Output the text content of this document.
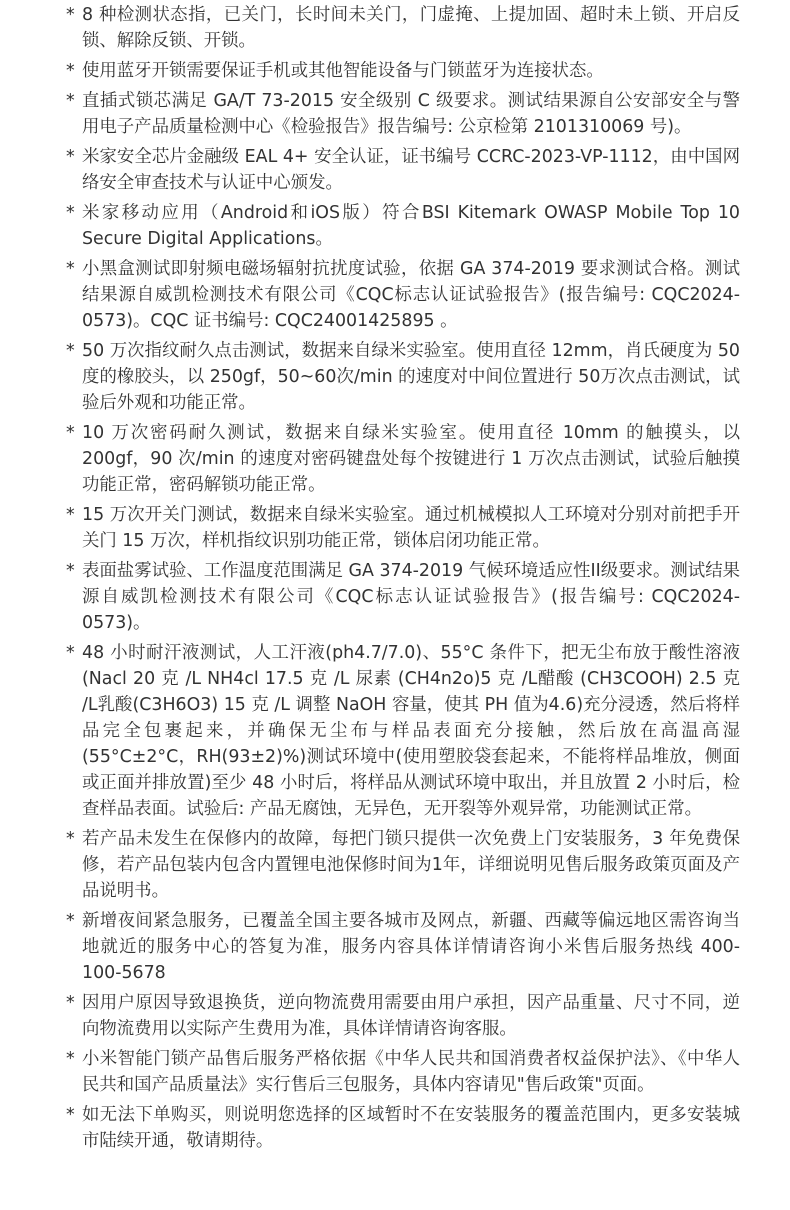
* 8 种检测状态指，已关门，长时间未关门，门虚掩、上提加固、超时未上锁、开启反锁、解除反锁、开锁。
* 使用蓝牙开锁需要保证手机或其他智能设备与门锁蓝牙为连接状态。
* 直插式锁芯满足 GA/T 73-2015 安全级别 C 级要求。测试结果源自公安部安全与警用电子产品质量检测中心《检验报告》报告编号: 公京检第 2101310069 号)。
* 米家安全芯片金融级 EAL 4+ 安全认证，证书编号 CCRC-2023-VP-1112，由中国网络安全审查技术与认证中心颁发。
* 米家移动应用（Android和iOS版）符合BSI Kitemark OWASP Mobile Top 10 Secure Digital Applications。
* 小黑盒测试即射频电磁场辐射抗扰度试验，依据 GA 374-2019 要求测试合格。测试结果源自威凯检测技术有限公司《CQC标志认证试验报告》(报告编号: CQC2024-0573)。CQC 证书编号: CQC24001425895 。
* 50 万次指纹耐久点击测试，数据来自绿米实验室。使用直径 12mm，肖氏硬度为 50 度的橡胶头，以 250gf，50~60次/min 的速度对中间位置进行 50万次点击测试，试验后外观和功能正常。
* 10 万次密码耐久测试，数据来自绿米实验室。使用直径 10mm 的触摸头，以 200gf，90 次/min 的速度对密码键盘处每个按键进行 1 万次点击测试，试验后触摸功能正常，密码解锁功能正常。
* 15 万次开关门测试，数据来自绿米实验室。通过机械模拟人工环境对分别对前把手开关门 15 万次，样机指纹识别功能正常，锁体启闭功能正常。
* 表面盐雾试验、工作温度范围满足 GA 374-2019 气候环境适应性II级要求。测试结果源自威凯检测技术有限公司《CQC标志认证试验报告》(报告编号: CQC2024-0573)。
* 48 小时耐汗液测试，人工汗液(ph4.7/7.0)、55°C 条件下，把无尘布放于酸性溶液(Nacl 20 克 /L NH4cl 17.5 克 /L 尿素 (CH4n2o)5 克 /L醋酸 (CH3COOH) 2.5 克 /L乳酸(C3H6O3) 15 克 /L 调整 NaOH 容量，使其 PH 值为4.6)充分浸透，然后将样品完全包裹起来，并确保无尘布与样品表面充分接触，然后放在高温高湿(55°C±2°C，RH(93±2)%)测试环境中(使用塑胶袋套起来，不能将样品堆放，侧面或正面并排放置)至少 48 小时后，将样品从测试环境中取出，并且放置 2 小时后，检查样品表面。试验后: 产品无腐蚀，无异色，无开裂等外观异常，功能测试正常。
* 若产品未发生在保修内的故障，每把门锁只提供一次免费上门安装服务，3 年免费保修，若产品包装内包含内置锂电池保修时间为1年，详细说明见售后服务政策页面及产品说明书。
* 新增夜间紧急服务，已覆盖全国主要各城市及网点，新疆、西藏等偏远地区需咨询当地就近的服务中心的答复为准，服务内容具体详情请咨询小米售后服务热线 400-100-5678
* 因用户原因导致退换货，逆向物流费用需要由用户承担，因产品重量、尺寸不同，逆向物流费用以实际产生费用为准，具体详情请咨询客服。
* 小米智能门锁产品售后服务严格依据《中华人民共和国消费者权益保护法》、《中华人民共和国产品质量法》实行售后三包服务，具体内容请见"售后政策"页面。
* 如无法下单购买，则说明您选择的区域暂时不在安装服务的覆盖范围内，更多安装城市陆续开通，敬请期待。
